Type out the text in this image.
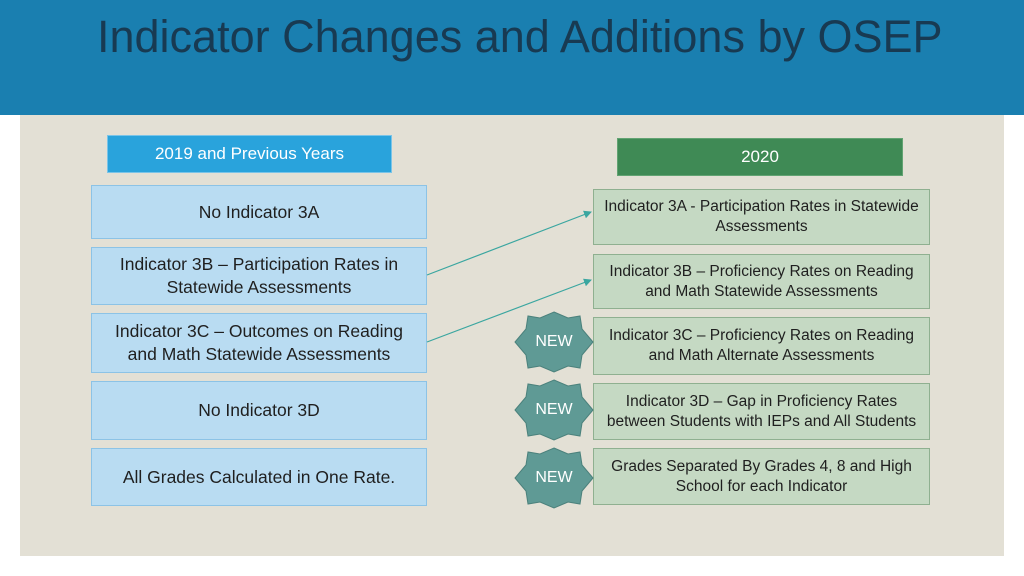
Indicator Changes and Additions by OSEP
2019 and Previous Years	2020
No Indicator 3A
Indicator 3B – Participation Rates in Statewide Assessments
Indicator 3C – Outcomes on Reading and Math Statewide Assessments
No Indicator 3D
All Grades Calculated in One Rate.
Indicator 3A - Participation Rates in Statewide Assessments
Indicator 3B – Proficiency Rates on Reading and Math Statewide Assessments
Indicator 3C – Proficiency Rates on Reading and Math Alternate Assessments
Indicator 3D – Gap in Proficiency Rates between Students with IEPs and All Students
Grades Separated By Grades 4, 8 and High School for each Indicator
NEW
NEW
NEW
